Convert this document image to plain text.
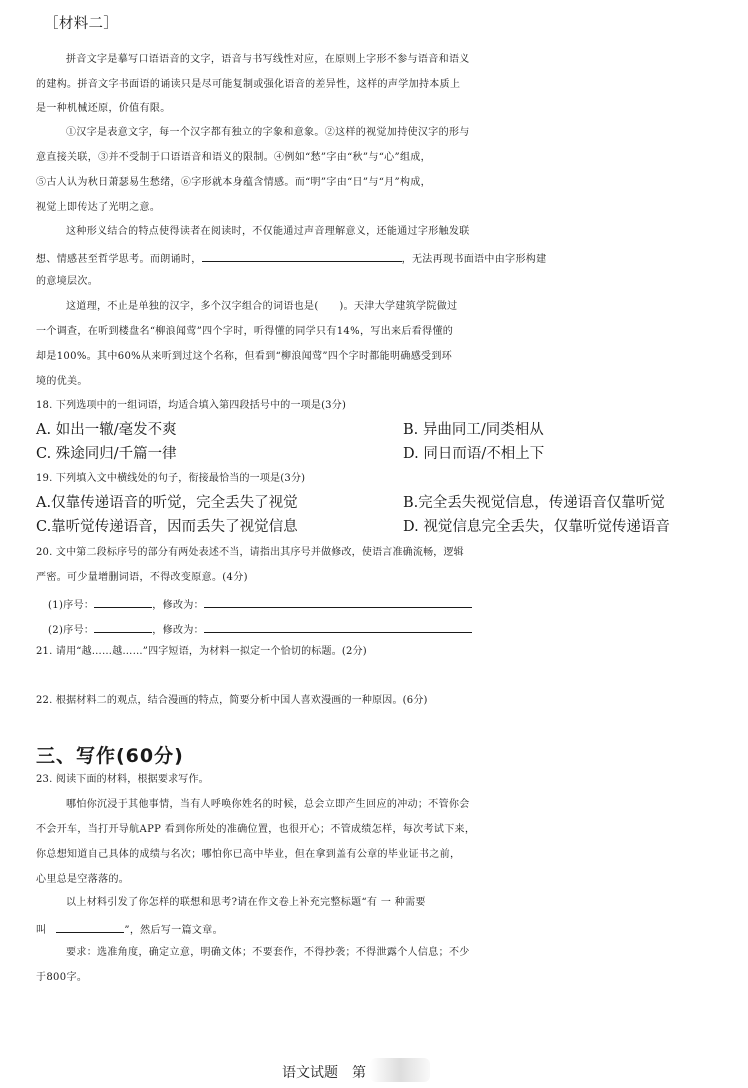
［材料二］
拼音文字是摹写口语语音的文字，语音与书写线性对应，在原则上字形不参与语音和语义
的建构。拼音文字书面语的诵读只是尽可能复制或强化语音的差异性，这样的声学加持本质上
是一种机械还原，价值有限。
①汉字是表意文字，每一个汉字都有独立的字象和意象。②这样的视觉加持使汉字的形与
意直接关联，③并不受制于口语语音和语义的限制。④例如“愁”字由“秋”与“心”组成，
⑤古人认为秋日萧瑟易生愁绪，⑥字形就本身蕴含情感。而“明”字由“日”与“月”构成，
视觉上即传达了光明之意。
这种形义结合的特点使得读者在阅读时，不仅能通过声音理解意义，还能通过字形触发联
想、情感甚至哲学思考。而朗诵时，	，无法再现书面语中由字形构建
的意境层次。
这道理，不止是单独的汉字，多个汉字组合的词语也是(　　)。天津大学建筑学院做过
一个调查，在听到楼盘名“柳浪闻莺”四个字时，听得懂的同学只有14%，写出来后看得懂的
却是100%。其中60%从来听到过这个名称，但看到“柳浪闻莺”四个字时都能明确感受到环
境的优美。
18. 下列选项中的一组词语，均适合填入第四段括号中的一项是(3分)
A. 如出一辙/毫发不爽	B. 异曲同工/同类相从
C. 殊途同归/千篇一律	D. 同日而语/不相上下
19. 下列填入文中横线处的句子，衔接最恰当的一项是(3分)
A.仅靠传递语音的听觉，完全丢失了视觉	B.完全丢失视觉信息，传递语音仅靠听觉
C.靠听觉传递语音，因而丢失了视觉信息	D. 视觉信息完全丢失，仅靠听觉传递语音
20. 文中第二段标序号的部分有两处表述不当，请指出其序号并做修改，使语言准确流畅，逻辑
严密。可少量增删词语，不得改变原意。(4分)
(1)序号：	，修改为：
(2)序号：	，修改为：
21. 请用“越……越……”四字短语，为材料一拟定一个恰切的标题。(2分)
22. 根据材料二的观点，结合漫画的特点，简要分析中国人喜欢漫画的一种原因。(6分)
三、写作(60分)
23. 阅读下面的材料，根据要求写作。
哪怕你沉浸于其他事情，当有人呼唤你姓名的时候，总会立即产生回应的冲动；不管你会
不会开车，当打开导航APP 看到你所处的准确位置，也很开心；不管成绩怎样，每次考试下来，
你总想知道自己具体的成绩与名次；哪怕你已高中毕业，但在拿到盖有公章的毕业证书之前，
心里总是空落落的。
以上材料引发了你怎样的联想和思考?请在作文卷上补充完整标题“有 一 种需要
叫	”，然后写一篇文章。
要求：选准角度，确定立意，明确文体；不要套作，不得抄袭；不得泄露个人信息；不少
于800字。
语文试题　第
